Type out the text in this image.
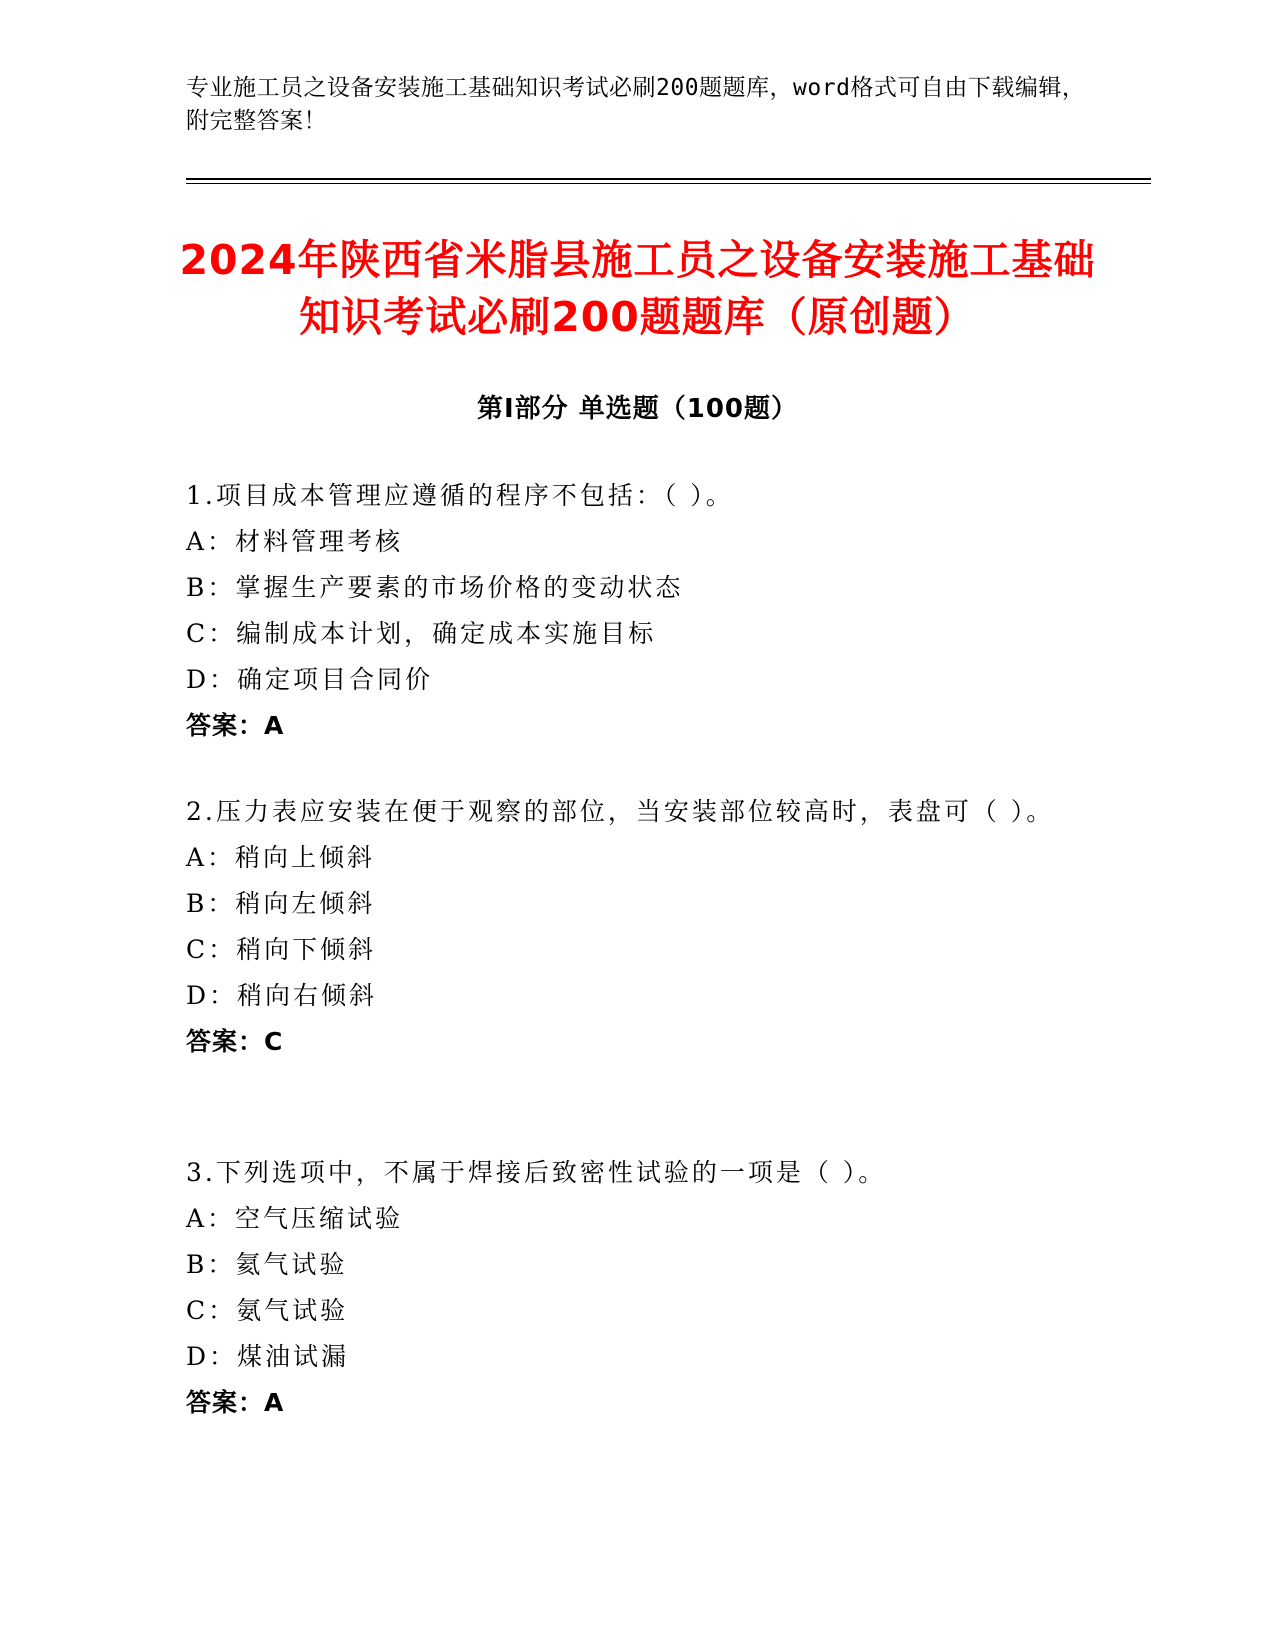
专业施工员之设备安装施工基础知识考试必刷200题题库，word格式可自由下载编辑，附完整答案！
2024年陕西省米脂县施工员之设备安装施工基础知识考试必刷200题题库（原创题）
第Ⅰ部分 单选题（100题）
1.项目成本管理应遵循的程序不包括：（ ）。
A：材料管理考核
B：掌握生产要素的市场价格的变动状态
C：编制成本计划，确定成本实施目标
D：确定项目合同价
答案：A
2.压力表应安装在便于观察的部位，当安装部位较高时，表盘可（ ）。
A：稍向上倾斜
B：稍向左倾斜
C：稍向下倾斜
D：稍向右倾斜
答案：C
3.下列选项中，不属于焊接后致密性试验的一项是（ ）。
A：空气压缩试验
B：氦气试验
C：氨气试验
D：煤油试漏
答案：A
